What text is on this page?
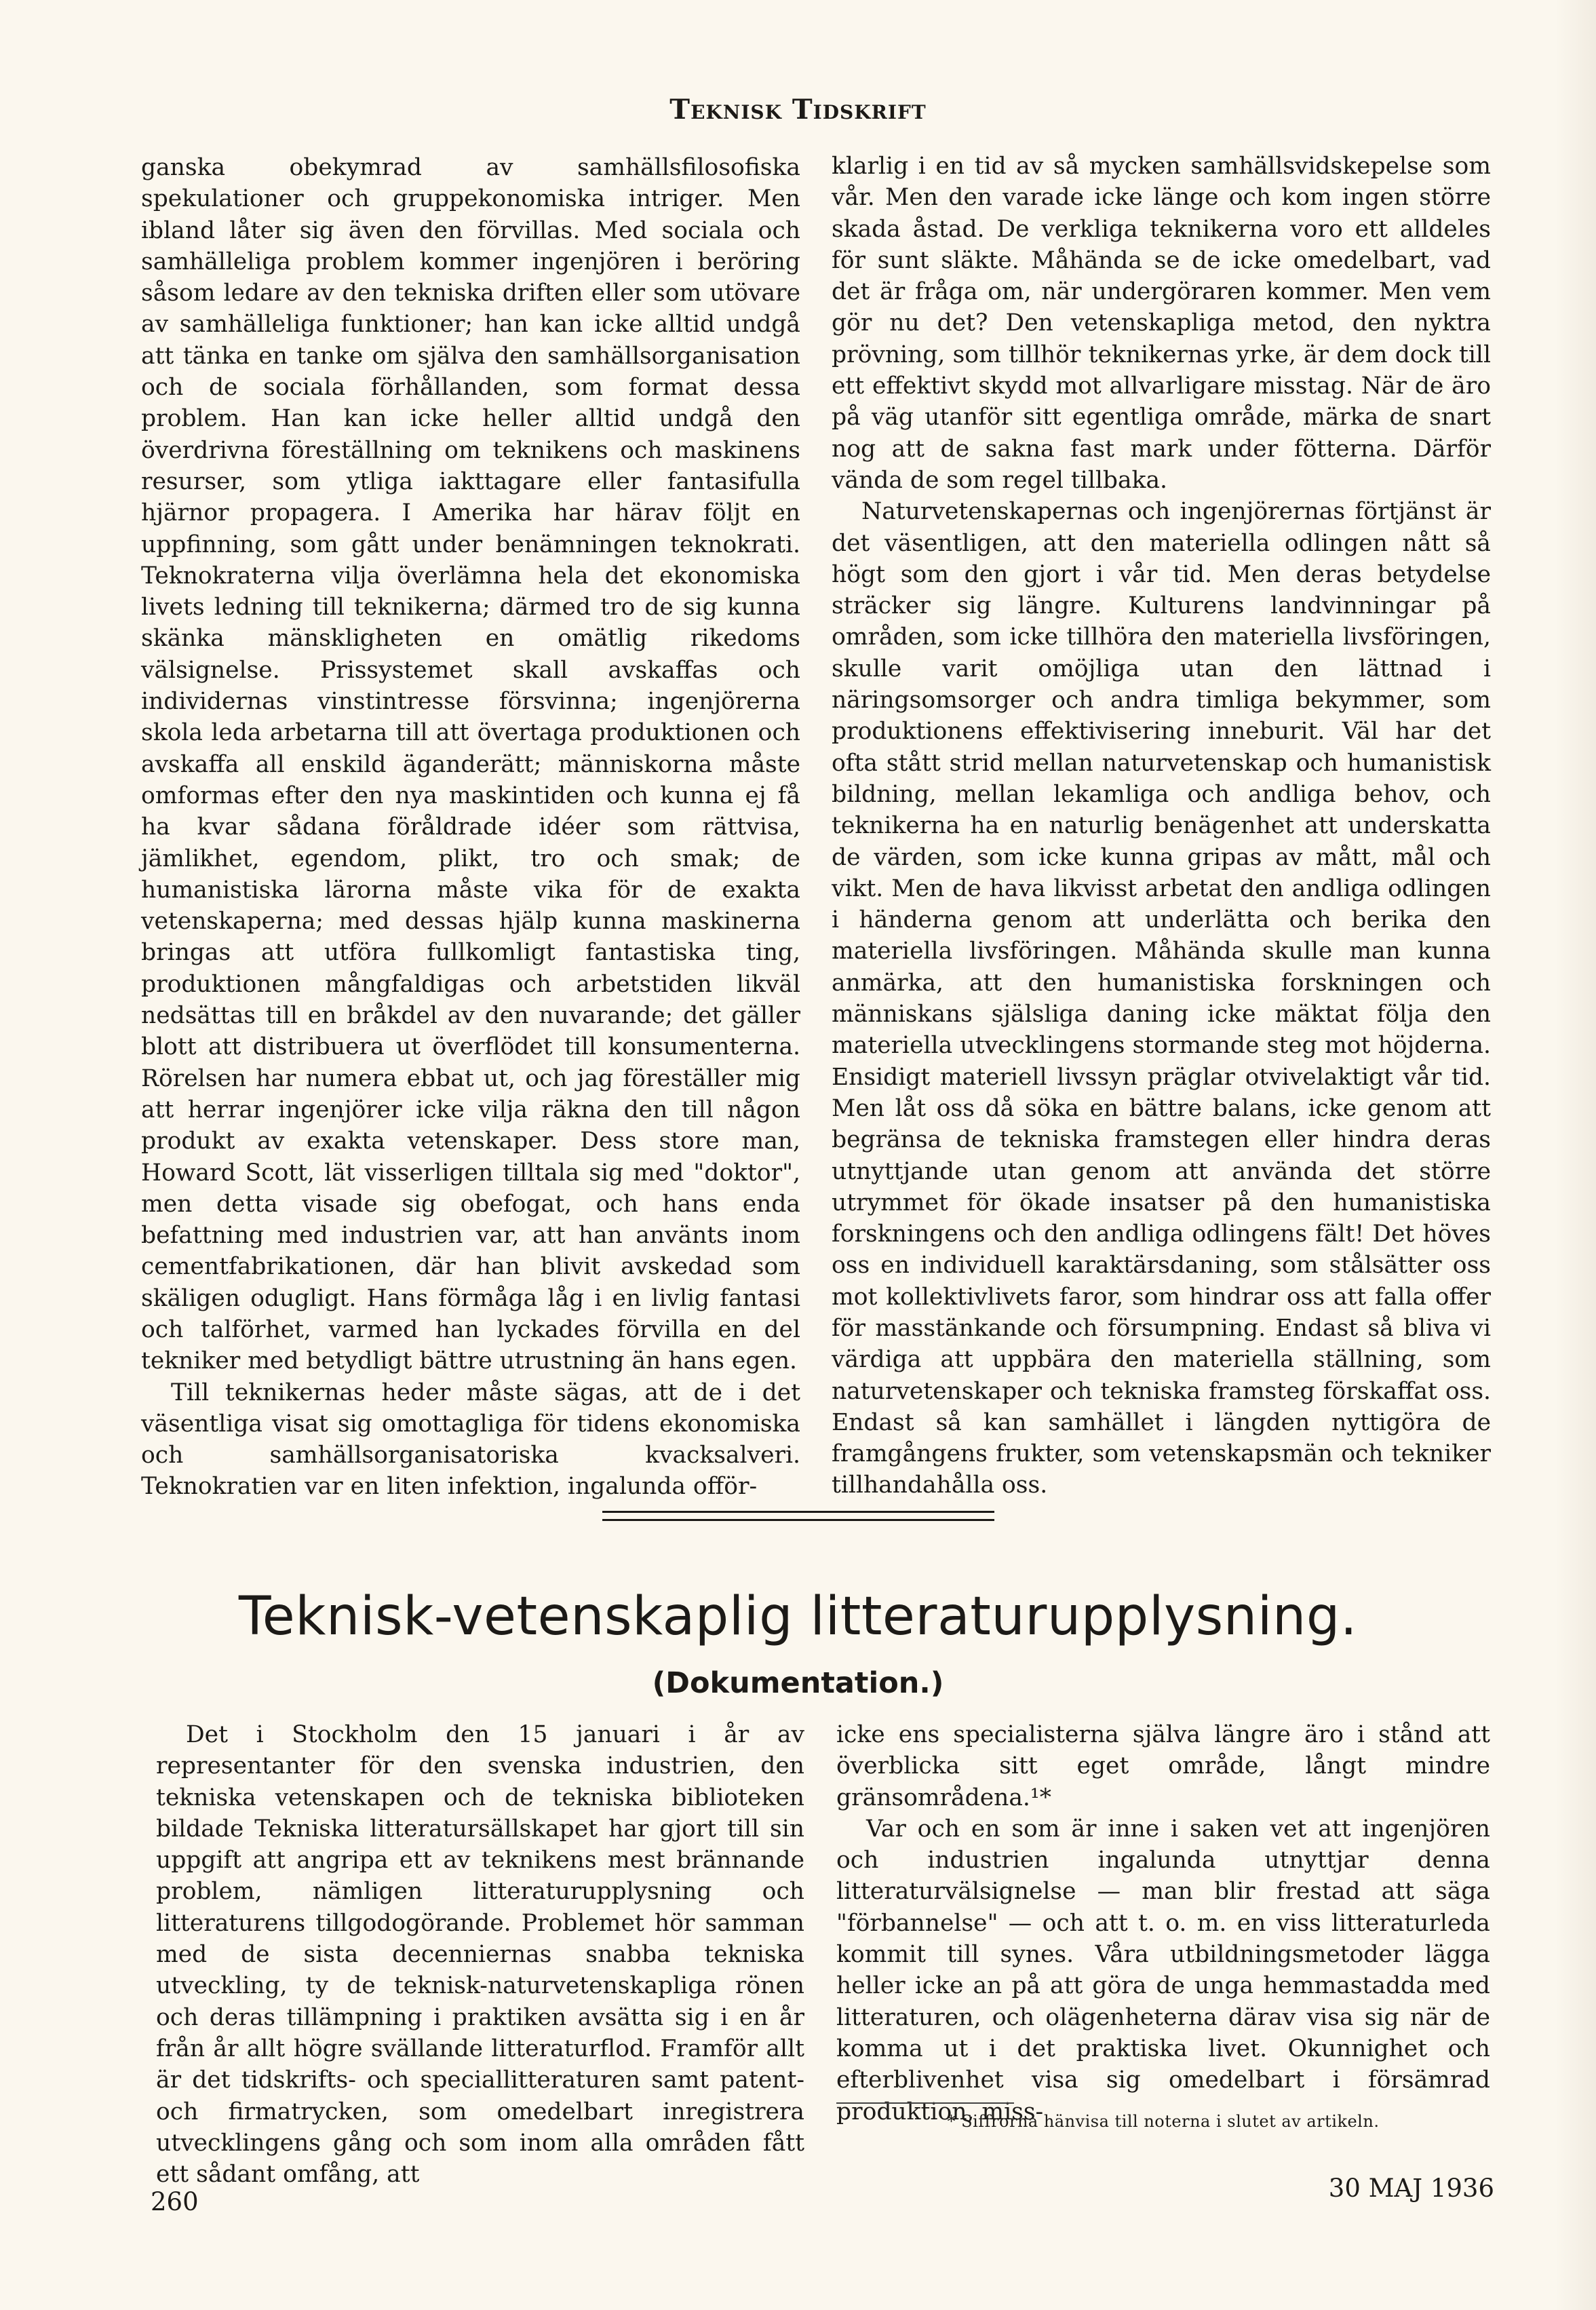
Teknisk Tidskrift

ganska obekymrad av samhällsfilosofiska spekulationer och gruppekonomiska intriger. Men ibland låter sig även den förvillas. Med sociala och samhälleliga problem kommer ingenjören i beröring såsom ledare av den tekniska driften eller som utövare av samhälleliga funktioner; han kan icke alltid undgå att tänka en tanke om själva den samhällsorganisation och de sociala förhållanden, som format dessa problem. Han kan icke heller alltid undgå den överdrivna föreställning om teknikens och maskinens resurser, som ytliga iakttagare eller fantasifulla hjärnor propagera. I Amerika har härav följt en uppfinning, som gått under benämningen teknokrati. Teknokraterna vilja överlämna hela det ekonomiska livets ledning till teknikerna; därmed tro de sig kunna skänka mänskligheten en omätlig rikedoms välsignelse. Prissystemet skall avskaffas och individernas vinstintresse försvinna; ingenjörerna skola leda arbetarna till att övertaga produktionen och avskaffa all enskild äganderätt; människorna måste omformas efter den nya maskintiden och kunna ej få ha kvar sådana föråldrade idéer som rättvisa, jämlikhet, egendom, plikt, tro och smak; de humanistiska lärorna måste vika för de exakta vetenskaperna; med dessas hjälp kunna maskinerna bringas att utföra fullkomligt fantastiska ting, produktionen mångfaldigas och arbetstiden likväl nedsättas till en bråkdel av den nuvarande; det gäller blott att distribuera ut överflödet till konsumenterna. Rörelsen har numera ebbat ut, och jag föreställer mig att herrar ingenjörer icke vilja räkna den till någon produkt av exakta vetenskaper. Dess store man, Howard Scott, lät visserligen tilltala sig med "doktor", men detta visade sig obefogat, och hans enda befattning med industrien var, att han använts inom cementfabrikationen, där han blivit avskedad som skäligen odugligt. Hans förmåga låg i en livlig fantasi och talförhet, varmed han lyckades förvilla en del tekniker med betydligt bättre utrustning än hans egen.

Till teknikernas heder måste sägas, att de i det väsentliga visat sig omottagliga för tidens ekonomiska och samhällsorganisatoriska kvacksalveri. Teknokratien var en liten infektion, ingalunda offör-

klarlig i en tid av så mycken samhällsvidskepelse som vår. Men den varade icke länge och kom ingen större skada åstad. De verkliga teknikerna voro ett alldeles för sunt släkte. Måhända se de icke omedelbart, vad det är fråga om, när undergöraren kommer. Men vem gör nu det? Den vetenskapliga metod, den nyktra prövning, som tillhör teknikernas yrke, är dem dock till ett effektivt skydd mot allvarligare misstag. När de äro på väg utanför sitt egentliga område, märka de snart nog att de sakna fast mark under fötterna. Därför vända de som regel tillbaka.

Naturvetenskapernas och ingenjörernas förtjänst är det väsentligen, att den materiella odlingen nått så högt som den gjort i vår tid. Men deras betydelse sträcker sig längre. Kulturens landvinningar på områden, som icke tillhöra den materiella livsföringen, skulle varit omöjliga utan den lättnad i näringsomsorger och andra timliga bekymmer, som produktionens effektivisering inneburit. Väl har det ofta stått strid mellan naturvetenskap och humanistisk bildning, mellan lekamliga och andliga behov, och teknikerna ha en naturlig benägenhet att underskatta de värden, som icke kunna gripas av mått, mål och vikt. Men de hava likvisst arbetat den andliga odlingen i händerna genom att underlätta och berika den materiella livsföringen. Måhända skulle man kunna anmärka, att den humanistiska forskningen och människans själsliga daning icke mäktat följa den materiella utvecklingens stormande steg mot höjderna. Ensidigt materiell livssyn präglar otvivelaktigt vår tid. Men låt oss då söka en bättre balans, icke genom att begränsa de tekniska framstegen eller hindra deras utnyttjande utan genom att använda det större utrymmet för ökade insatser på den humanistiska forskningens och den andliga odlingens fält! Det höves oss en individuell karaktärsdaning, som stålsätter oss mot kollektivlivets faror, som hindrar oss att falla offer för masstänkande och försumpning. Endast så bliva vi värdiga att uppbära den materiella ställning, som naturvetenskaper och tekniska framsteg förskaffat oss. Endast så kan samhället i längden nyttigöra de framgångens frukter, som vetenskapsmän och tekniker tillhandahålla oss.

Teknisk-vetenskaplig litteraturupplysning.
(Dokumentation.)

Det i Stockholm den 15 januari i år av representanter för den svenska industrien, den tekniska vetenskapen och de tekniska biblioteken bildade Tekniska litteratursällskapet har gjort till sin uppgift att angripa ett av teknikens mest brännande problem, nämligen litteraturupplysning och litteraturens tillgodogörande. Problemet hör samman med de sista decenniernas snabba tekniska utveckling, ty de teknisk-naturvetenskapliga rönen och deras tillämpning i praktiken avsätta sig i en år från år allt högre svällande litteraturflod. Framför allt är det tidskrifts- och speciallitteraturen samt patent- och firmatrycken, som omedelbart inregistrera utvecklingens gång och som inom alla områden fått ett sådant omfång, att

icke ens specialisterna själva längre äro i stånd att överblicka sitt eget område, långt mindre gränsområdena.¹*

Var och en som är inne i saken vet att ingenjören och industrien ingalunda utnyttjar denna litteraturvälsignelse — man blir frestad att säga "förbannelse" — och att t. o. m. en viss litteraturleda kommit till synes. Våra utbildningsmetoder lägga heller icke an på att göra de unga hemmastadda med litteraturen, och olägenheterna därav visa sig när de komma ut i det praktiska livet. Okunnighet och efterblivenhet visa sig omedelbart i försämrad produktion, miss-

* Siffrorna hänvisa till noterna i slutet av artikeln.
260	30 MAJ 1936
